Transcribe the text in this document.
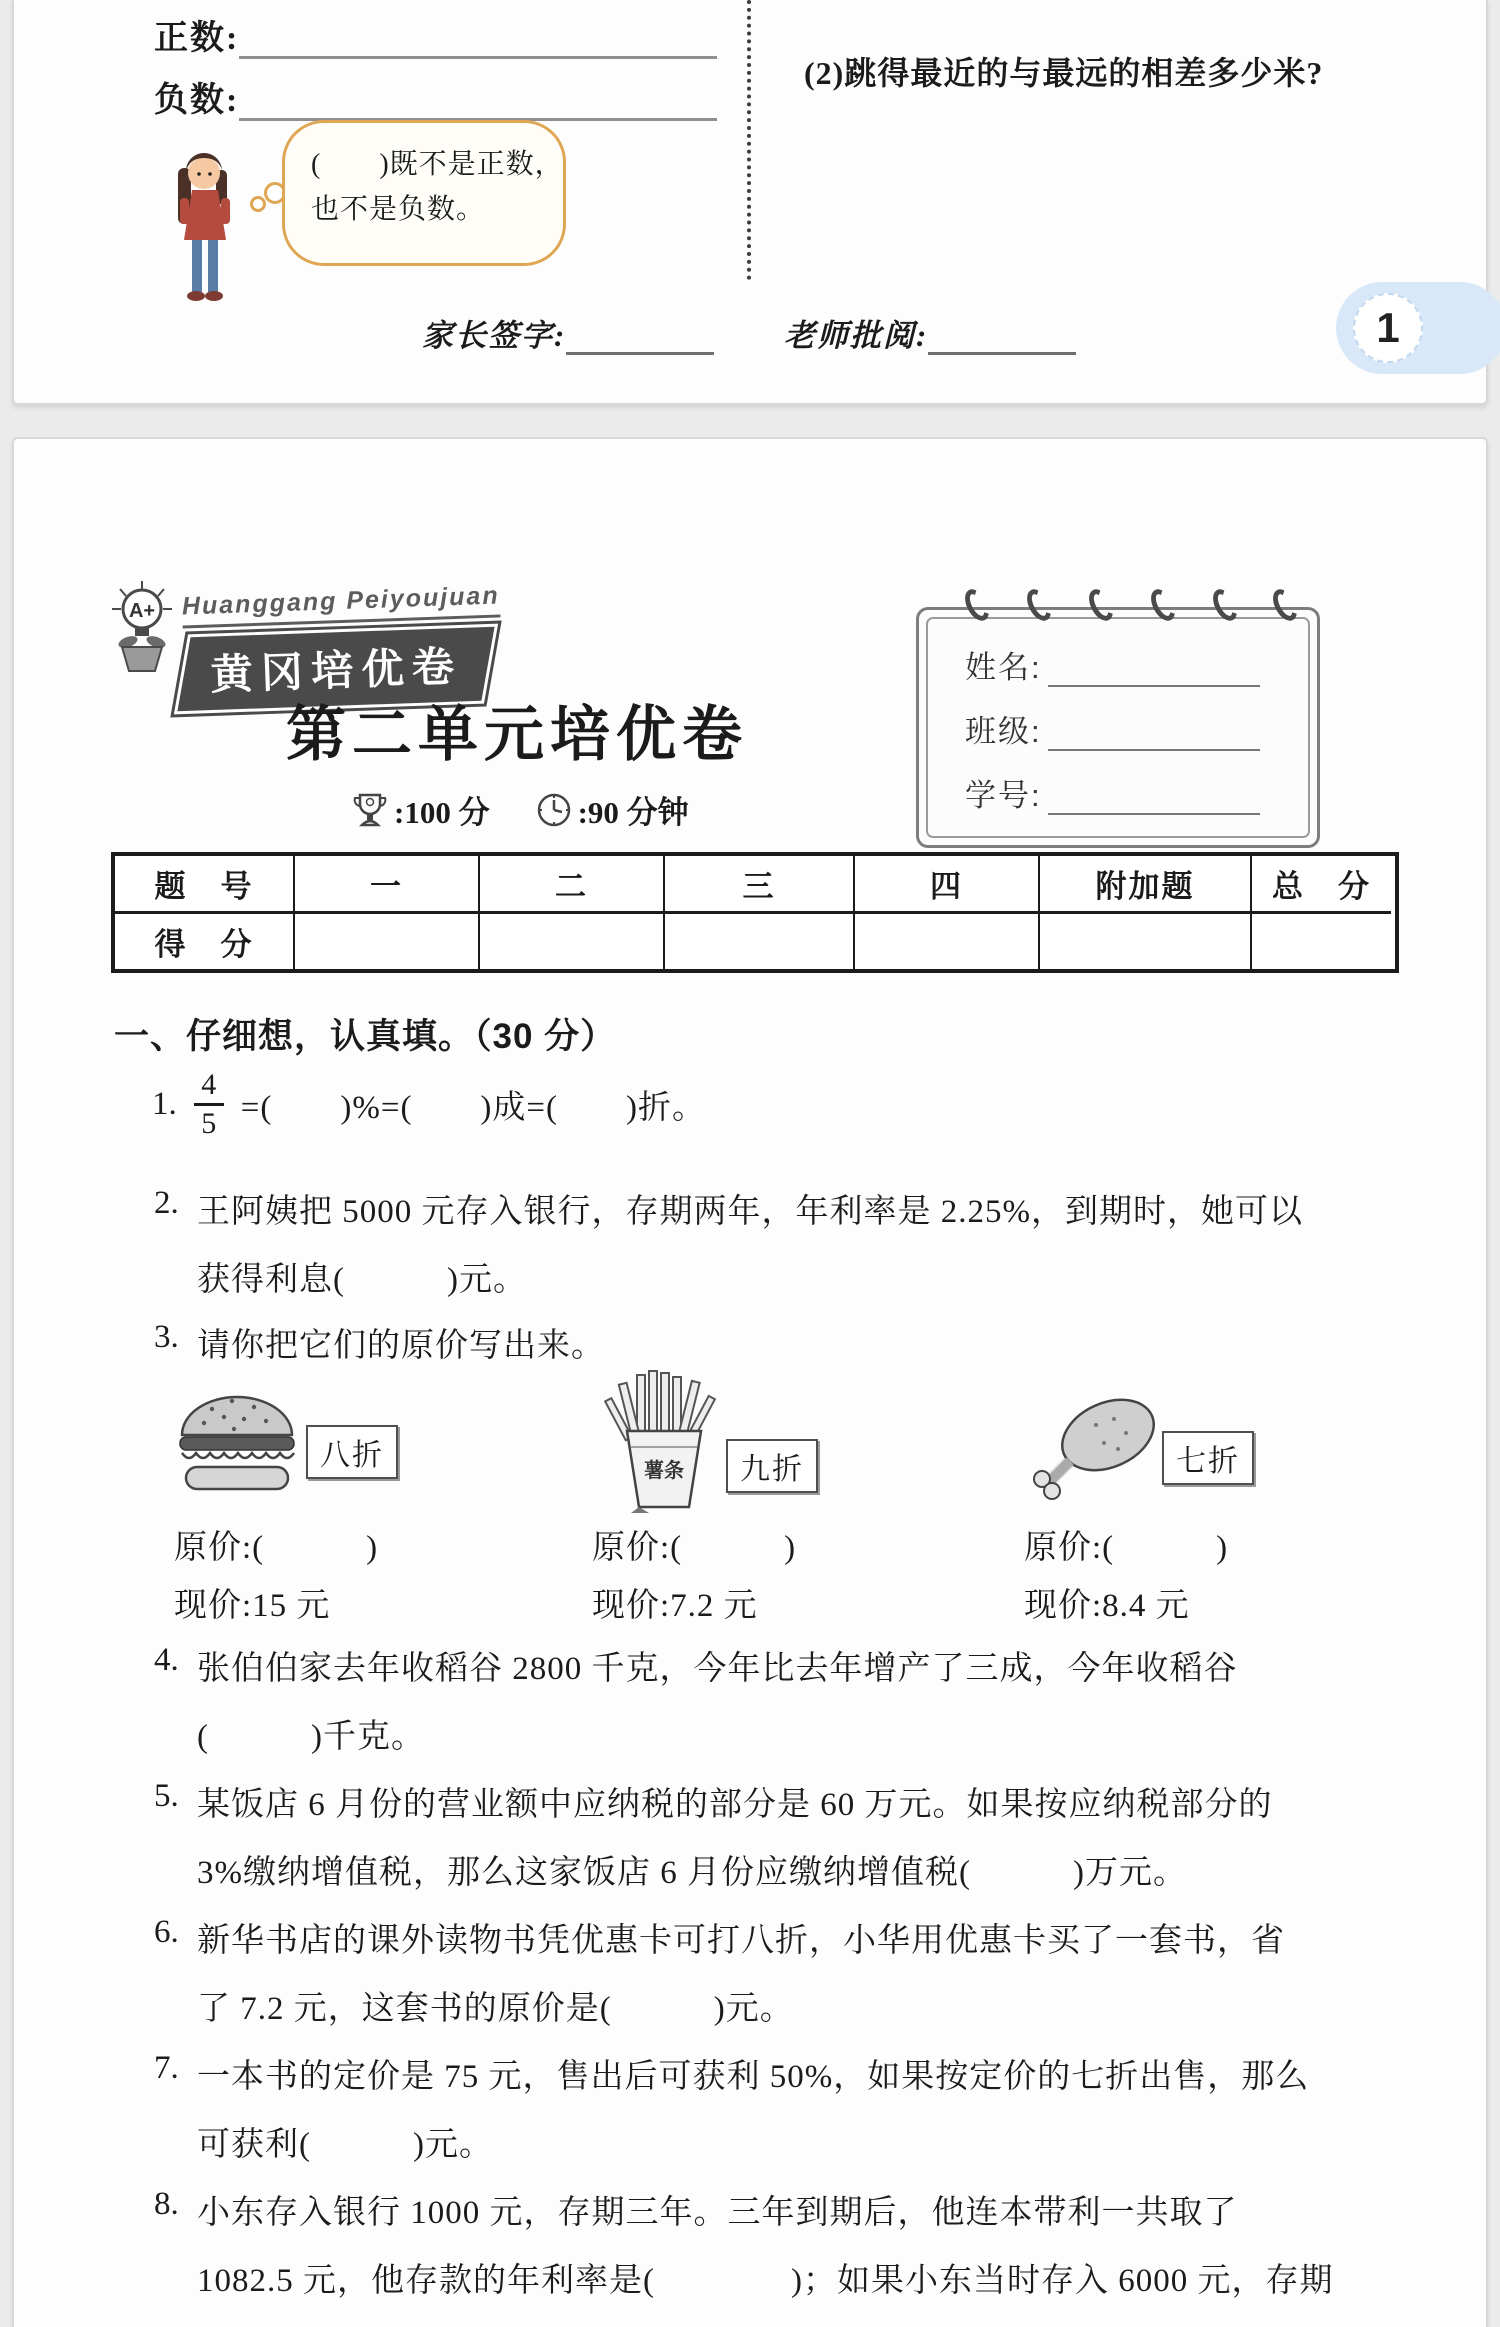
正数:
负数:
(　　)既不是正数，
也不是负数。
(2)跳得最近的与最远的相差多少米?
家长签字:	老师批阅:	1
A+ Huanggang Peiyoujuan
黄冈培优卷
第二单元培优卷
:100 分	:90 分钟
姓名:
班级:
学号:
题　号	一	二	三	四	附加题	总　分
得　分
一、仔细想，认真填。（30 分）
1. $\frac{4}{5}$ =(　　)%=(　　)成=(　　)折。
2. 王阿姨把 5000 元存入银行，存期两年，年利率是 2.25%，到期时，她可以
获得利息(　　　)元。
3. 请你把它们的原价写出来。
八折	薯条	九折	七折
原价:(　　　)	原价:(　　　)	原价:(　　　)
现价:15 元	现价:7.2 元	现价:8.4 元
4. 张伯伯家去年收稻谷 2800 千克，今年比去年增产了三成，今年收稻谷
(　　　)千克。
5. 某饭店 6 月份的营业额中应纳税的部分是 60 万元。如果按应纳税部分的
3%缴纳增值税，那么这家饭店 6 月份应缴纳增值税(　　　)万元。
6. 新华书店的课外读物书凭优惠卡可打八折，小华用优惠卡买了一套书，省
了 7.2 元，这套书的原价是(　　　)元。
7. 一本书的定价是 75 元，售出后可获利 50%，如果按定价的七折出售，那么
可获利(　　　)元。
8. 小东存入银行 1000 元，存期三年。三年到期后，他连本带利一共取了
1082.5 元，他存款的年利率是(　　　　)；如果小东当时存入 6000 元，存期
